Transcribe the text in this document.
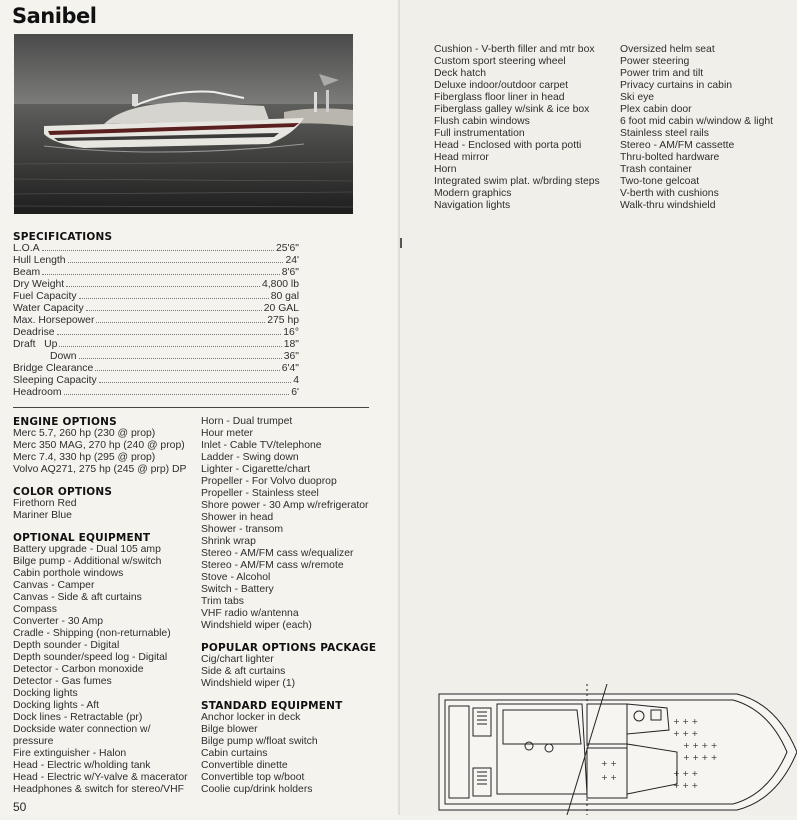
Sanibel
SPECIFICATIONS
L.O.A	25'6"
Hull Length	24'
Beam	8'6"
Dry Weight	4,800 lb
Fuel Capacity	80 gal
Water Capacity	20 GAL
Max. Horsepower	275 hp
Deadrise	16°
Draft   Up	18"
Down	36"
Bridge Clearance	6'4"
Sleeping Capacity	4
Headroom	6'
ENGINE OPTIONS
Merc 5.7, 260 hp (230 @ prop)
Merc 350 MAG, 270 hp (240 @ prop)
Merc 7.4, 330 hp (295 @ prop)
Volvo AQ271, 275 hp (245 @ prp) DP
COLOR OPTIONS
Firethorn Red
Mariner Blue
OPTIONAL EQUIPMENT
Battery upgrade - Dual 105 amp
Bilge pump - Additional w/switch
Cabin porthole windows
Canvas - Camper
Canvas - Side & aft curtains
Compass
Converter - 30 Amp
Cradle - Shipping (non-returnable)
Depth sounder - Digital
Depth sounder/speed log - Digital
Detector - Carbon monoxide
Detector - Gas fumes
Docking lights
Docking lights - Aft
Dock lines - Retractable (pr)
Dockside water connection w/
pressure
Fire extinguisher - Halon
Head - Electric w/holding tank
Head - Electric w/Y-valve & macerator
Headphones & switch for stereo/VHF
Horn - Dual trumpet
Hour meter
Inlet - Cable TV/telephone
Ladder - Swing down
Lighter - Cigarette/chart
Propeller - For Volvo duoprop
Propeller - Stainless steel
Shore power - 30 Amp w/refrigerator
Shower in head
Shower - transom
Shrink wrap
Stereo - AM/FM cass w/equalizer
Stereo - AM/FM cass w/remote
Stove - Alcohol
Switch - Battery
Trim tabs
VHF radio w/antenna
Windshield wiper (each)
POPULAR OPTIONS PACKAGE
Cig/chart lighter
Side & aft curtains
Windshield wiper (1)
STANDARD EQUIPMENT
Anchor locker in deck
Bilge blower
Bilge pump w/float switch
Cabin curtains
Convertible dinette
Convertible top w/boot
Coolie cup/drink holders
50
Cushion - V-berth filler and mtr box
Custom sport steering wheel
Deck hatch
Deluxe indoor/outdoor carpet
Fiberglass floor liner in head
Fiberglass galley w/sink & ice box
Flush cabin windows
Full instrumentation
Head - Enclosed with porta potti
Head mirror
Horn
Integrated swim plat. w/brding steps
Modern graphics
Navigation lights
Oversized helm seat
Power steering
Power trim and tilt
Privacy curtains in cabin
Ski eye
Plex cabin door
6 foot mid cabin w/window & light
Stainless steel rails
Stereo - AM/FM cassette
Thru-bolted hardware
Trash container
Two-tone gelcoat
V-berth with cushions
Walk-thru windshield
+ + +
+ + +
+ + + +
+ + + +
+ + +
+ + +
+ +
+ +
